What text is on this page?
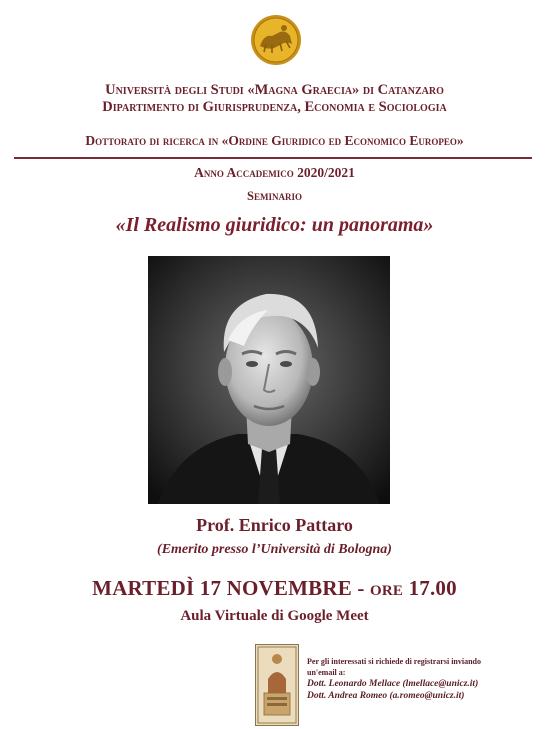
Università degli Studi «Magna Graecia» di Catanzaro
Dipartimento di Giurisprudenza, Economia e Sociologia
Dottorato di ricerca in «Ordine Giuridico ed Economico Europeo»
Anno Accademico 2020/2021
Seminario
«Il Realismo giuridico: un panorama»
Prof. Enrico Pattaro
(Emerito presso l’Università di Bologna)
MARTEDÌ 17 NOVEMBRE - ore 17.00
Aula Virtuale di Google Meet
Per gli interessati si richiede di registrarsi inviando
un'email a:
Dott. Leonardo Mellace (lmellace@unicz.it)
Dott. Andrea Romeo (a.romeo@unicz.it)
